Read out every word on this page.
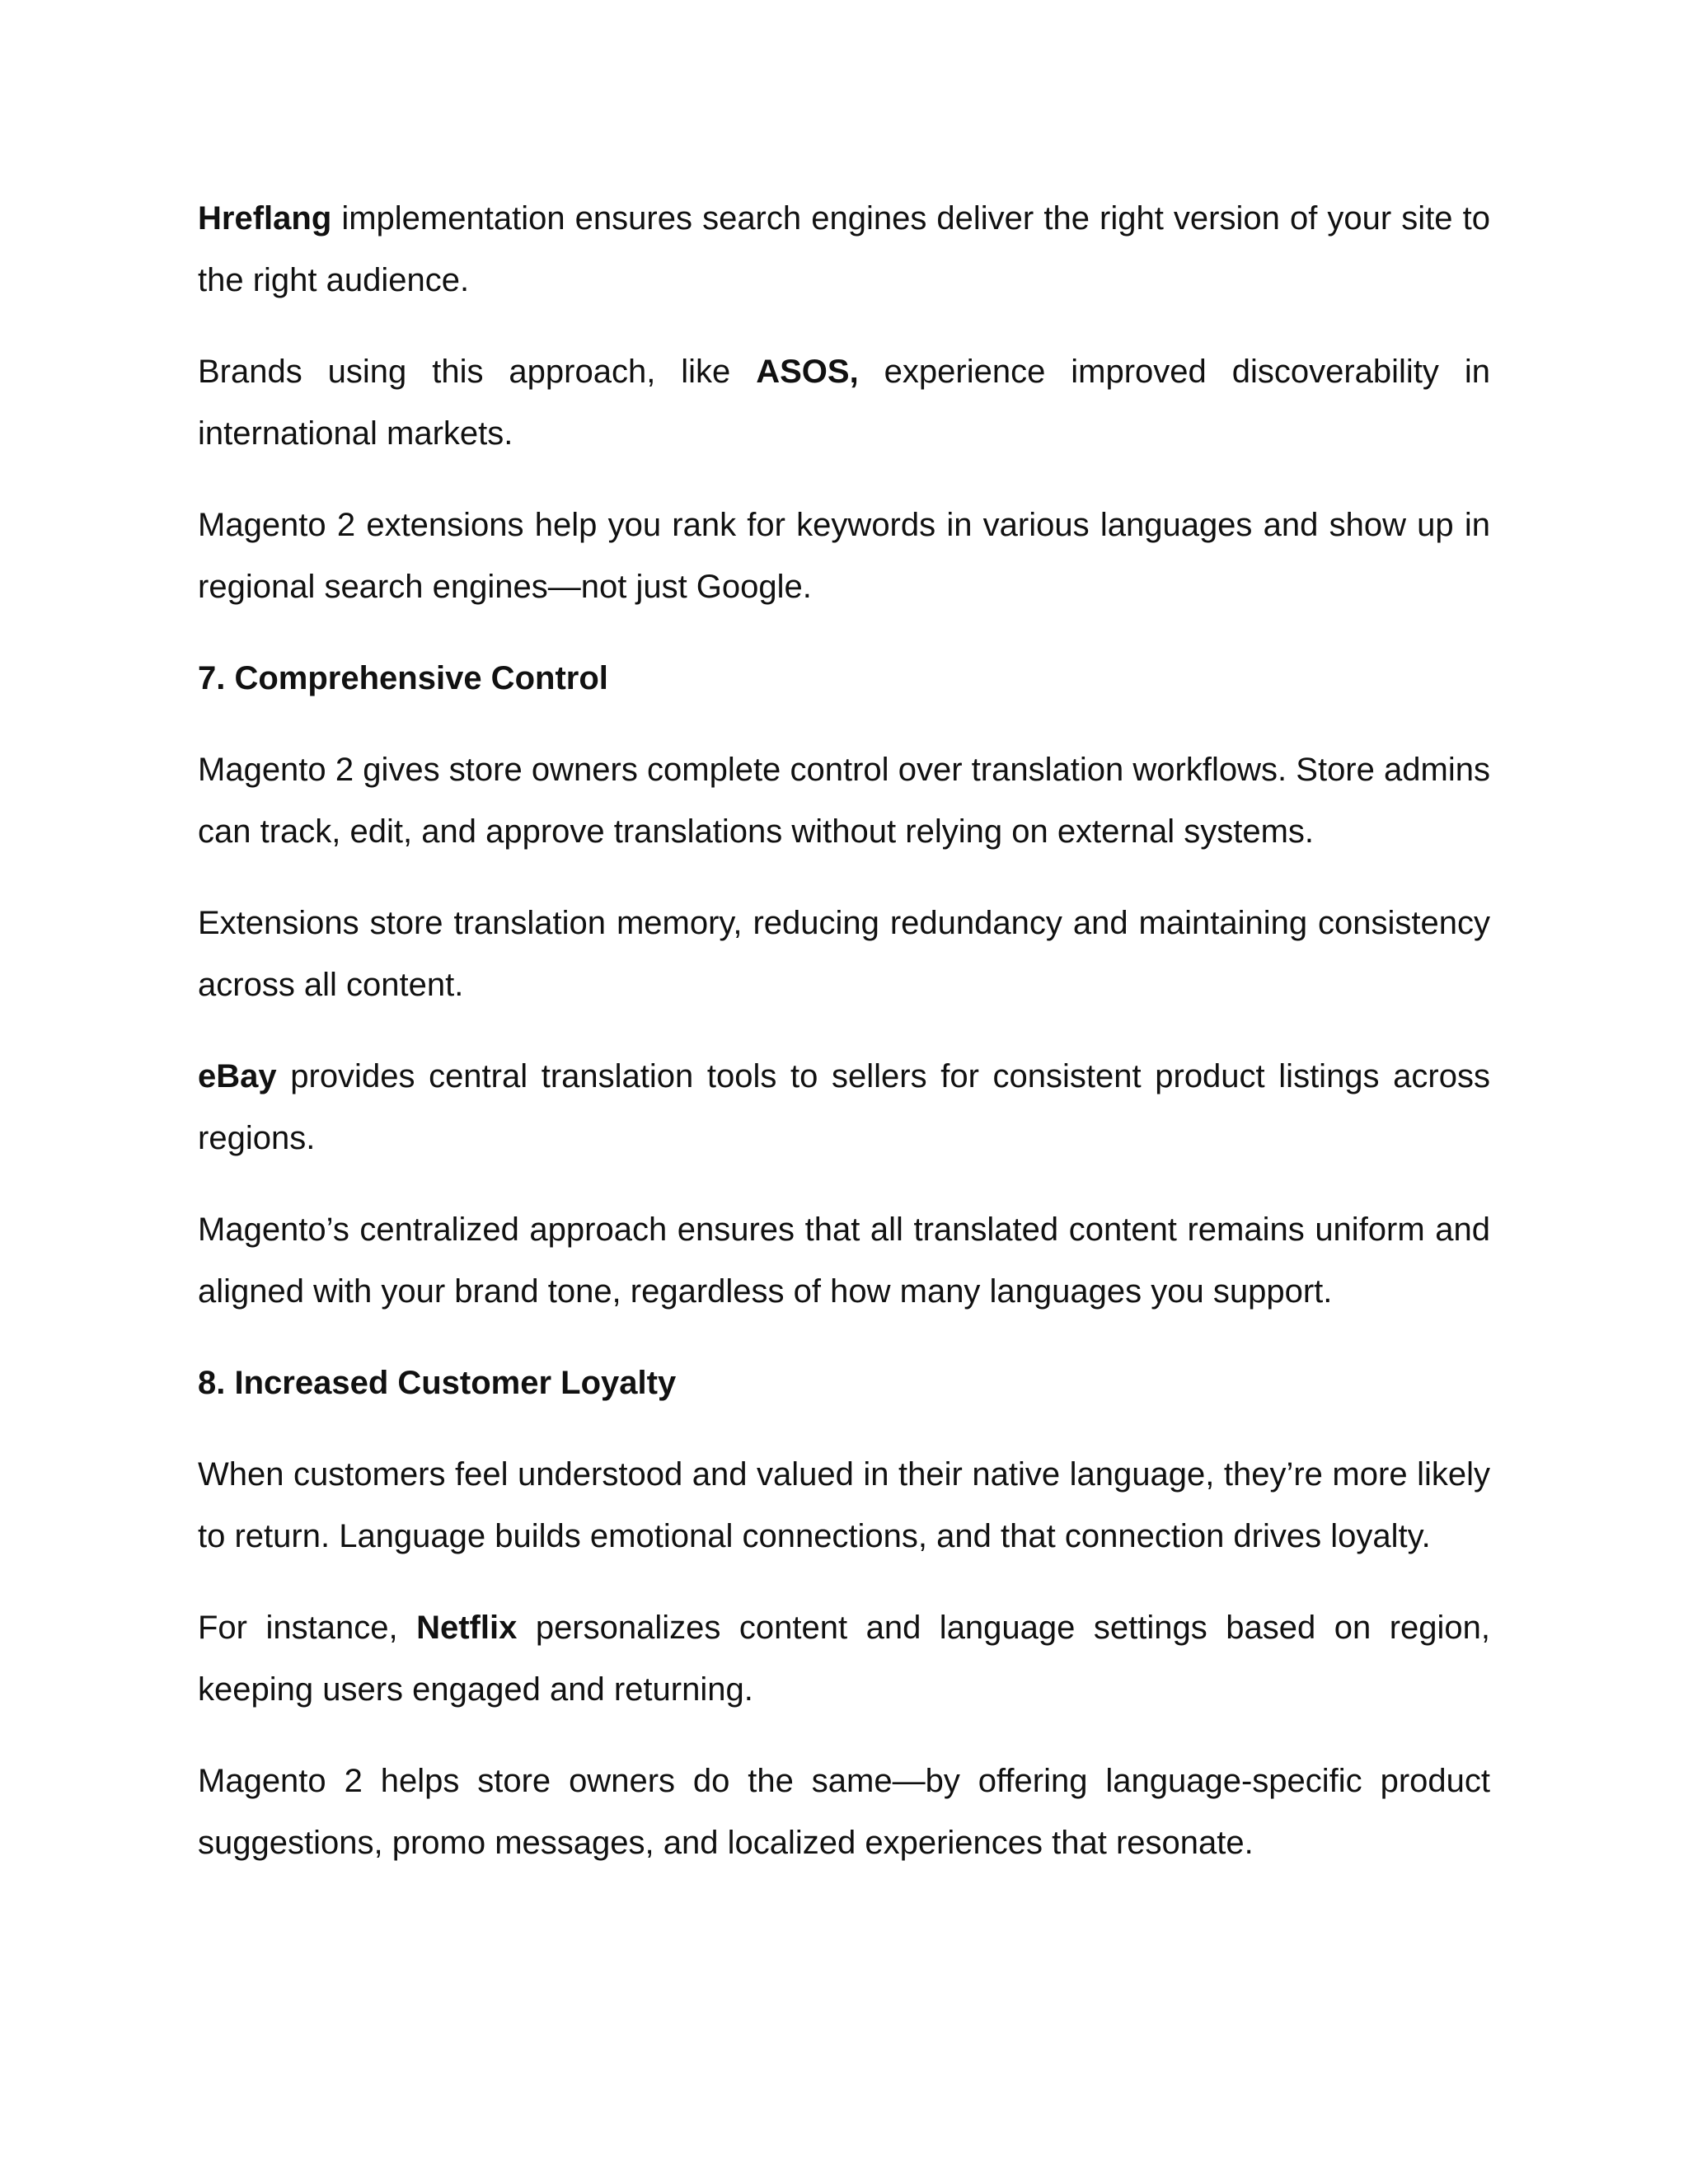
Hreflang implementation ensures search engines deliver the right version of your site to the right audience.

Brands using this approach, like ASOS, experience improved discoverability in international markets.

Magento 2 extensions help you rank for keywords in various languages and show up in regional search engines—not just Google.

7. Comprehensive Control

Magento 2 gives store owners complete control over translation workflows. Store admins can track, edit, and approve translations without relying on external systems.

Extensions store translation memory, reducing redundancy and maintaining consistency across all content.

eBay provides central translation tools to sellers for consistent product listings across regions.

Magento’s centralized approach ensures that all translated content remains uniform and aligned with your brand tone, regardless of how many languages you support.

8. Increased Customer Loyalty

When customers feel understood and valued in their native language, they’re more likely to return. Language builds emotional connections, and that connection drives loyalty.

For instance, Netflix personalizes content and language settings based on region, keeping users engaged and returning.

Magento 2 helps store owners do the same—by offering language-specific product suggestions, promo messages, and localized experiences that resonate.
